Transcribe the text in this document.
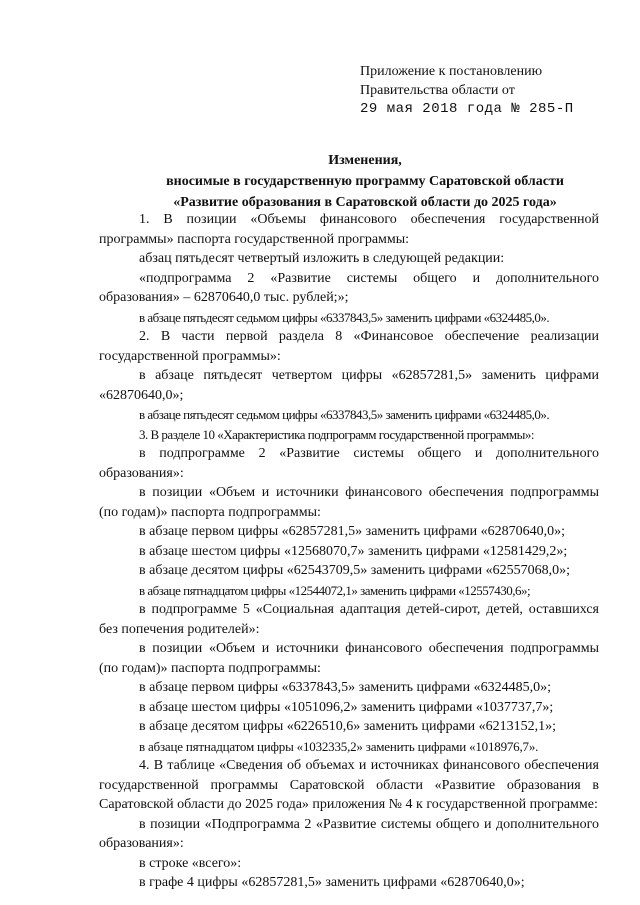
Приложение к постановлению
Правительства области от
29 мая 2018 года № 285-П
Изменения,
вносимые в государственную программу Саратовской области
«Развитие образования в Саратовской области до 2025 года»

1. В позиции «Объемы финансового обеспечения государственной программы» паспорта государственной программы:

абзац пятьдесят четвертый изложить в следующей редакции:

«подпрограмма 2 «Развитие системы общего и дополнительного образования» – 62870640,0 тыс. рублей;»;

в абзаце пятьдесят седьмом цифры «6337843,5» заменить цифрами «6324485,0».

2. В части первой раздела 8 «Финансовое обеспечение реализации государственной программы»:

в абзаце пятьдесят четвертом цифры «62857281,5» заменить цифрами «62870640,0»;

в абзаце пятьдесят седьмом цифры «6337843,5» заменить цифрами «6324485,0».

3. В разделе 10 «Характеристика подпрограмм государственной программы»:

в подпрограмме 2 «Развитие системы общего и дополнительного образования»:

в позиции «Объем и источники финансового обеспечения подпрограммы (по годам)» паспорта подпрограммы:

в абзаце первом цифры «62857281,5» заменить цифрами «62870640,0»;

в абзаце шестом цифры «12568070,7» заменить цифрами «12581429,2»;

в абзаце десятом цифры «62543709,5» заменить цифрами «62557068,0»;

в абзаце пятнадцатом цифры «12544072,1» заменить цифрами «12557430,6»;

в подпрограмме 5 «Социальная адаптация детей-сирот, детей, оставшихся без попечения родителей»:

в позиции «Объем и источники финансового обеспечения подпрограммы (по годам)» паспорта подпрограммы:

в абзаце первом цифры «6337843,5» заменить цифрами «6324485,0»;

в абзаце шестом цифры «1051096,2» заменить цифрами «1037737,7»;

в абзаце десятом цифры «6226510,6» заменить цифрами «6213152,1»;

в абзаце пятнадцатом цифры «1032335,2» заменить цифрами «1018976,7».

4. В таблице «Сведения об объемах и источниках финансового обеспечения государственной программы Саратовской области «Развитие образования в Саратовской области до 2025 года» приложения № 4 к государственной программе:

в позиции «Подпрограмма 2 «Развитие системы общего и дополнительного образования»:

в строке «всего»:

в графе 4 цифры «62857281,5» заменить цифрами «62870640,0»;
